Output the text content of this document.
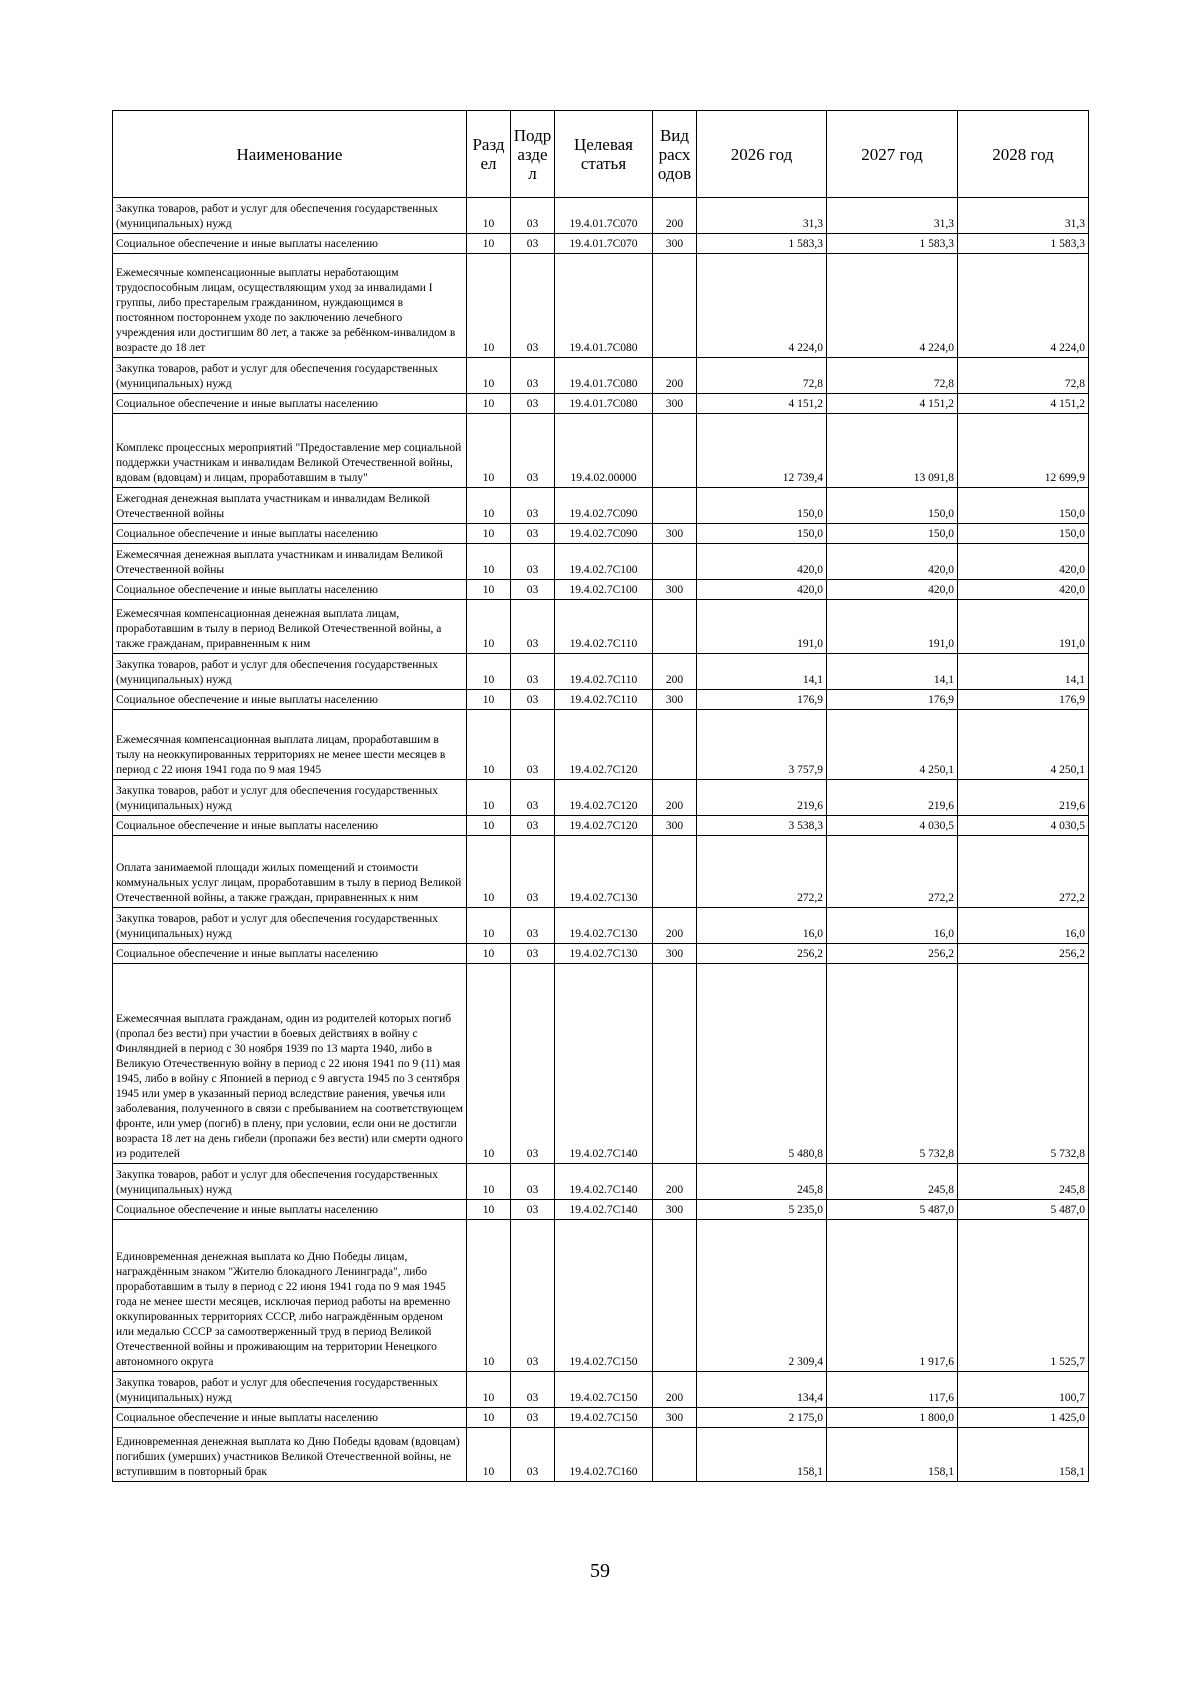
Наименование	Разд ел	Подр азде л	Целевая статья	Вид расх одов	2026 год	2027 год	2028 год
Закупка товаров, работ и услуг для обеспечения государственных (муниципальных) нужд	10	03	19.4.01.7С070	200	31,3	31,3	31,3
Социальное обеспечение и иные выплаты населению	10	03	19.4.01.7С070	300	1 583,3	1 583,3	1 583,3
Ежемесячные компенсационные выплаты неработающим трудоспособным лицам, осуществляющим уход за инвалидами I группы, либо престарелым гражданином, нуждающимся в постоянном постороннем уходе по заключению лечебного учреждения или достигшим 80 лет, а также за ребёнком-инвалидом в возрасте до 18 лет	10	03	19.4.01.7С080		4 224,0	4 224,0	4 224,0
Закупка товаров, работ и услуг для обеспечения государственных (муниципальных) нужд	10	03	19.4.01.7С080	200	72,8	72,8	72,8
Социальное обеспечение и иные выплаты населению	10	03	19.4.01.7С080	300	4 151,2	4 151,2	4 151,2
Комплекс процессных мероприятий "Предоставление мер социальной поддержки участникам и инвалидам Великой Отечественной войны, вдовам (вдовцам) и лицам, проработавшим в тылу"	10	03	19.4.02.00000		12 739,4	13 091,8	12 699,9
Ежегодная денежная выплата участникам и инвалидам Великой Отечественной войны	10	03	19.4.02.7С090		150,0	150,0	150,0
Социальное обеспечение и иные выплаты населению	10	03	19.4.02.7С090	300	150,0	150,0	150,0
Ежемесячная денежная выплата участникам и инвалидам Великой Отечественной войны	10	03	19.4.02.7С100		420,0	420,0	420,0
Социальное обеспечение и иные выплаты населению	10	03	19.4.02.7С100	300	420,0	420,0	420,0
Ежемесячная компенсационная денежная выплата лицам, проработавшим в тылу в период Великой Отечественной войны, а также гражданам, приравненным к ним	10	03	19.4.02.7С110		191,0	191,0	191,0
Закупка товаров, работ и услуг для обеспечения государственных (муниципальных) нужд	10	03	19.4.02.7С110	200	14,1	14,1	14,1
Социальное обеспечение и иные выплаты населению	10	03	19.4.02.7С110	300	176,9	176,9	176,9
Ежемесячная компенсационная выплата лицам, проработавшим в тылу на неоккупированных территориях не менее шести месяцев в период с 22 июня 1941 года по 9 мая 1945	10	03	19.4.02.7С120		3 757,9	4 250,1	4 250,1
Закупка товаров, работ и услуг для обеспечения государственных (муниципальных) нужд	10	03	19.4.02.7С120	200	219,6	219,6	219,6
Социальное обеспечение и иные выплаты населению	10	03	19.4.02.7С120	300	3 538,3	4 030,5	4 030,5
Оплата занимаемой площади жилых помещений и стоимости коммунальных услуг лицам, проработавшим в тылу в период Великой Отечественной войны, а также граждан, приравненных к ним	10	03	19.4.02.7С130		272,2	272,2	272,2
Закупка товаров, работ и услуг для обеспечения государственных (муниципальных) нужд	10	03	19.4.02.7С130	200	16,0	16,0	16,0
Социальное обеспечение и иные выплаты населению	10	03	19.4.02.7С130	300	256,2	256,2	256,2
Ежемесячная выплата гражданам, один из родителей которых погиб (пропал без вести) при участии в боевых действиях в войну с Финляндией в период с 30 ноября 1939 по 13 марта 1940, либо в Великую Отечественную войну в период с 22 июня 1941 по 9 (11) мая 1945, либо в войну с Японией в период с 9 августа 1945 по 3 сентября 1945 или умер в указанный период вследствие ранения, увечья или заболевания, полученного в связи с пребыванием на соответствующем фронте, или умер (погиб) в плену, при условии, если они не достигли возраста 18 лет на день гибели (пропажи без вести) или смерти одного из родителей	10	03	19.4.02.7С140		5 480,8	5 732,8	5 732,8
Закупка товаров, работ и услуг для обеспечения государственных (муниципальных) нужд	10	03	19.4.02.7С140	200	245,8	245,8	245,8
Социальное обеспечение и иные выплаты населению	10	03	19.4.02.7С140	300	5 235,0	5 487,0	5 487,0
Единовременная денежная выплата ко Дню Победы лицам, награждённым знаком "Жителю блокадного Ленинграда", либо проработавшим в тылу в период с 22 июня 1941 года по 9 мая 1945 года не менее шести месяцев, исключая период работы на временно оккупированных территориях СССР, либо награждённым орденом или медалью СССР за самоотверженный труд в период Великой Отечественной войны и проживающим на территории Ненецкого автономного округа	10	03	19.4.02.7С150		2 309,4	1 917,6	1 525,7
Закупка товаров, работ и услуг для обеспечения государственных (муниципальных) нужд	10	03	19.4.02.7С150	200	134,4	117,6	100,7
Социальное обеспечение и иные выплаты населению	10	03	19.4.02.7С150	300	2 175,0	1 800,0	1 425,0
Единовременная денежная выплата ко Дню Победы вдовам (вдовцам) погибших (умерших) участников Великой Отечественной войны, не вступившим в повторный брак	10	03	19.4.02.7С160		158,1	158,1	158,1
59
